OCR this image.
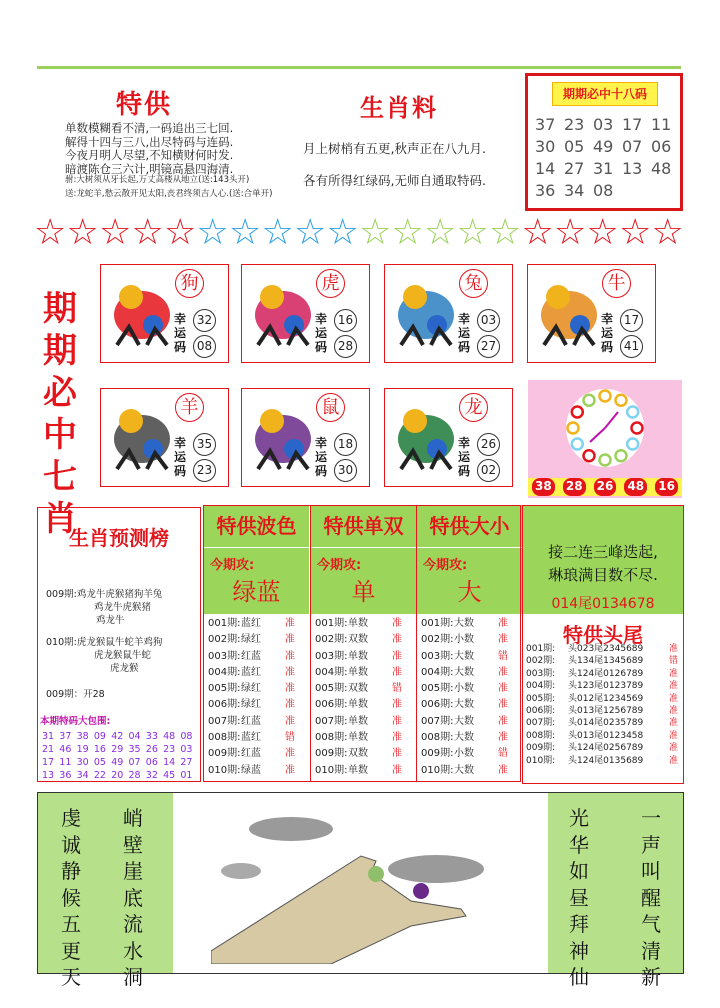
特供
单数模糊看不清,一码追出三七回.
解得十四与三八,出尽特码与连码.
今夜月明人尽望,不知横财何时发.
暗渡陈仓三六计,明镜高悬四海清.
驸:大树须从牙长起,万丈高楼从地立(送:143头开)
送:龙蛇羊,愁云散开见太阳,丧君终须吉人心.(送:合单开)
生肖料
月上树梢有五更,秋声正在八九月.
各有所得红绿码,无师自通取特码.
期期必中十八码
37 23 03 17 11
30 05 49 07 06
14 27 31 13 48
36 34 08
☆ ☆ ☆ ☆ ☆ ☆ ☆ ☆ ☆ ☆ ☆ ☆ ☆ ☆ ☆ ☆ ☆ ☆ ☆ ☆
期
期
必
中
七
肖
狗
幸运码
32
08
虎
幸运码
16
28
兔
幸运码
03
27
牛
幸运码
17
41
羊
幸运码
35
23
鼠
幸运码
18
30
龙
幸运码
26
02
38 28 26 48 16
生肖预测榜
009期:鸡龙牛虎猴猪狗羊兔
鸡龙牛虎猴猪
鸡龙牛
010期:虎龙猴鼠牛蛇羊鸡狗
虎龙猴鼠牛蛇
虎龙猴
009期：开28
本期特码大包围:
31 37 38 09 42 04 33 48 08
21 46 19 16 29 35 26 23 03
17 11 30 05 49 07 06 14 27
13 36 34 22 20 28 32 45 01
特供波色
今期攻:
绿蓝
001期: 蓝红	准
002期: 绿红	准
003期: 红蓝	准
004期: 蓝红	准
005期: 绿红	准
006期: 绿红	准
007期: 红蓝	准
008期: 蓝红	错
009期: 红蓝	准
010期: 绿蓝	准
特供单双
今期攻:
单
001期: 单数	准
002期: 双数	准
003期: 单数	准
004期: 单数	准
005期: 双数	错
006期: 单数	准
007期: 单数	准
008期: 单数	准
009期: 双数	准
010期: 单数	准
特供大小
今期攻:
大
001期: 大数	准
002期: 小数	准
003期: 大数	错
004期: 大数	准
005期: 小数	准
006期: 大数	准
007期: 大数	准
008期: 大数	准
009期: 小数	错
010期: 大数	准
接二连三峰迭起,
琳琅满目数不尽.
014尾0134678
特供头尾
001期:	头023尾2345689	准
002期:	头134尾1345689	错
003期:	头124尾0126789	准
004期:	头123尾0123789	准
005期:	头012尾1234569	准
006期:	头013尾1256789	准
007期:	头014尾0235789	准
008期:	头013尾0123458	准
009期:	头124尾0256789	准
010期:	头124尾0135689	准
峭
壁
崖
底
流
水
洞
虔
诚
静
候
五
更
天
一
声
叫
醒
气
清
新
光
华
如
昼
拜
神
仙
